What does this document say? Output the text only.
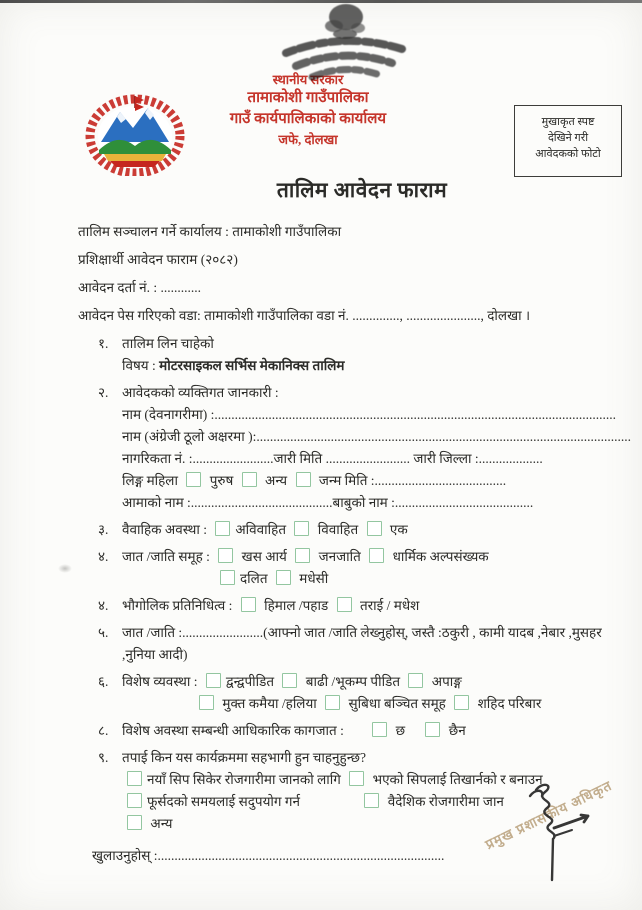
स्थानीय सरकार
तामाकोशी गाउँपालिका
गाउँ कार्यपालिकाको कार्यालय
जफे, दोलखा
मुखाकृत स्पष्ट
देखिने गरी
आवेदकको फोटो
तालिम आवेदन फाराम
तालिम सञ्चालन गर्ने कार्यालय : तामाकोशी गाउँपालिका
प्रशिक्षार्थी आवेदन फाराम (२०८२)
आवेदन दर्ता नं. : ............
आवेदन पेस गरिएको वडा: तामाकोशी गाउँपालिका वडा नं. .............., ......................, दोलखा ।
१. तालिम लिन चाहेको
विषय : मोटरसाइकल सर्भिस मेकानिक्स तालिम
२. आवेदकको व्यक्तिगत जानकारी :
नाम (देवनागरीमा) :.......................................................................................................................
नाम (अंग्रेजी ठूलो अक्षरमा ):...............................................................................................................
नागरिकता नं. :........................जारी मिति ......................... जारी जिल्ला :...................
लिङ्ग महिला  पुरुष  अन्य  जन्म मिति :.......................................
आमाको नाम :..........................................बाबुको नाम :.........................................
३. वैवाहिक अवस्था : अविवाहित  विवाहित  एक
४. जात /जाति समूह :  खस आर्य  जनजाति  धार्मिक अल्पसंख्यक
दलित  मधेसी
४. भौगोलिक प्रतिनिधित्व :  हिमाल /पहाड  तराई / मधेश
५. जात /जाति :........................(आफ्नो जात /जाति लेख्नुहोस्, जस्तै :ठकुरी , कामी यादब ,नेबार ,मुसहर
,नुनिया आदी)
६. विशेष व्यवस्था : द्वन्द्वपीडित  बाढी /भूकम्प पीडित  अपाङ्ग
मुक्त कमैया /हलिया  सुबिधा बञ्चित समूह  शहिद परिबार
८. विशेष अवस्था सम्बन्धी आधिकारिक कागजात :	छ	छैन
९. तपाई किन यस कार्यक्रममा सहभागी हुन चाहनुहुन्छ?
नयाँ सिप सिकेर रोजगारीमा जानको लागि  भएको सिपलाई तिखार्नको र बनाउन
फूर्सदको समयलाई सदुपयोग गर्न	वैदेशिक रोजगारीमा जान
अन्य
खुलाउनुहोस् :.....................................................................................
प्रमुख प्रशासकीय अधिकृत
